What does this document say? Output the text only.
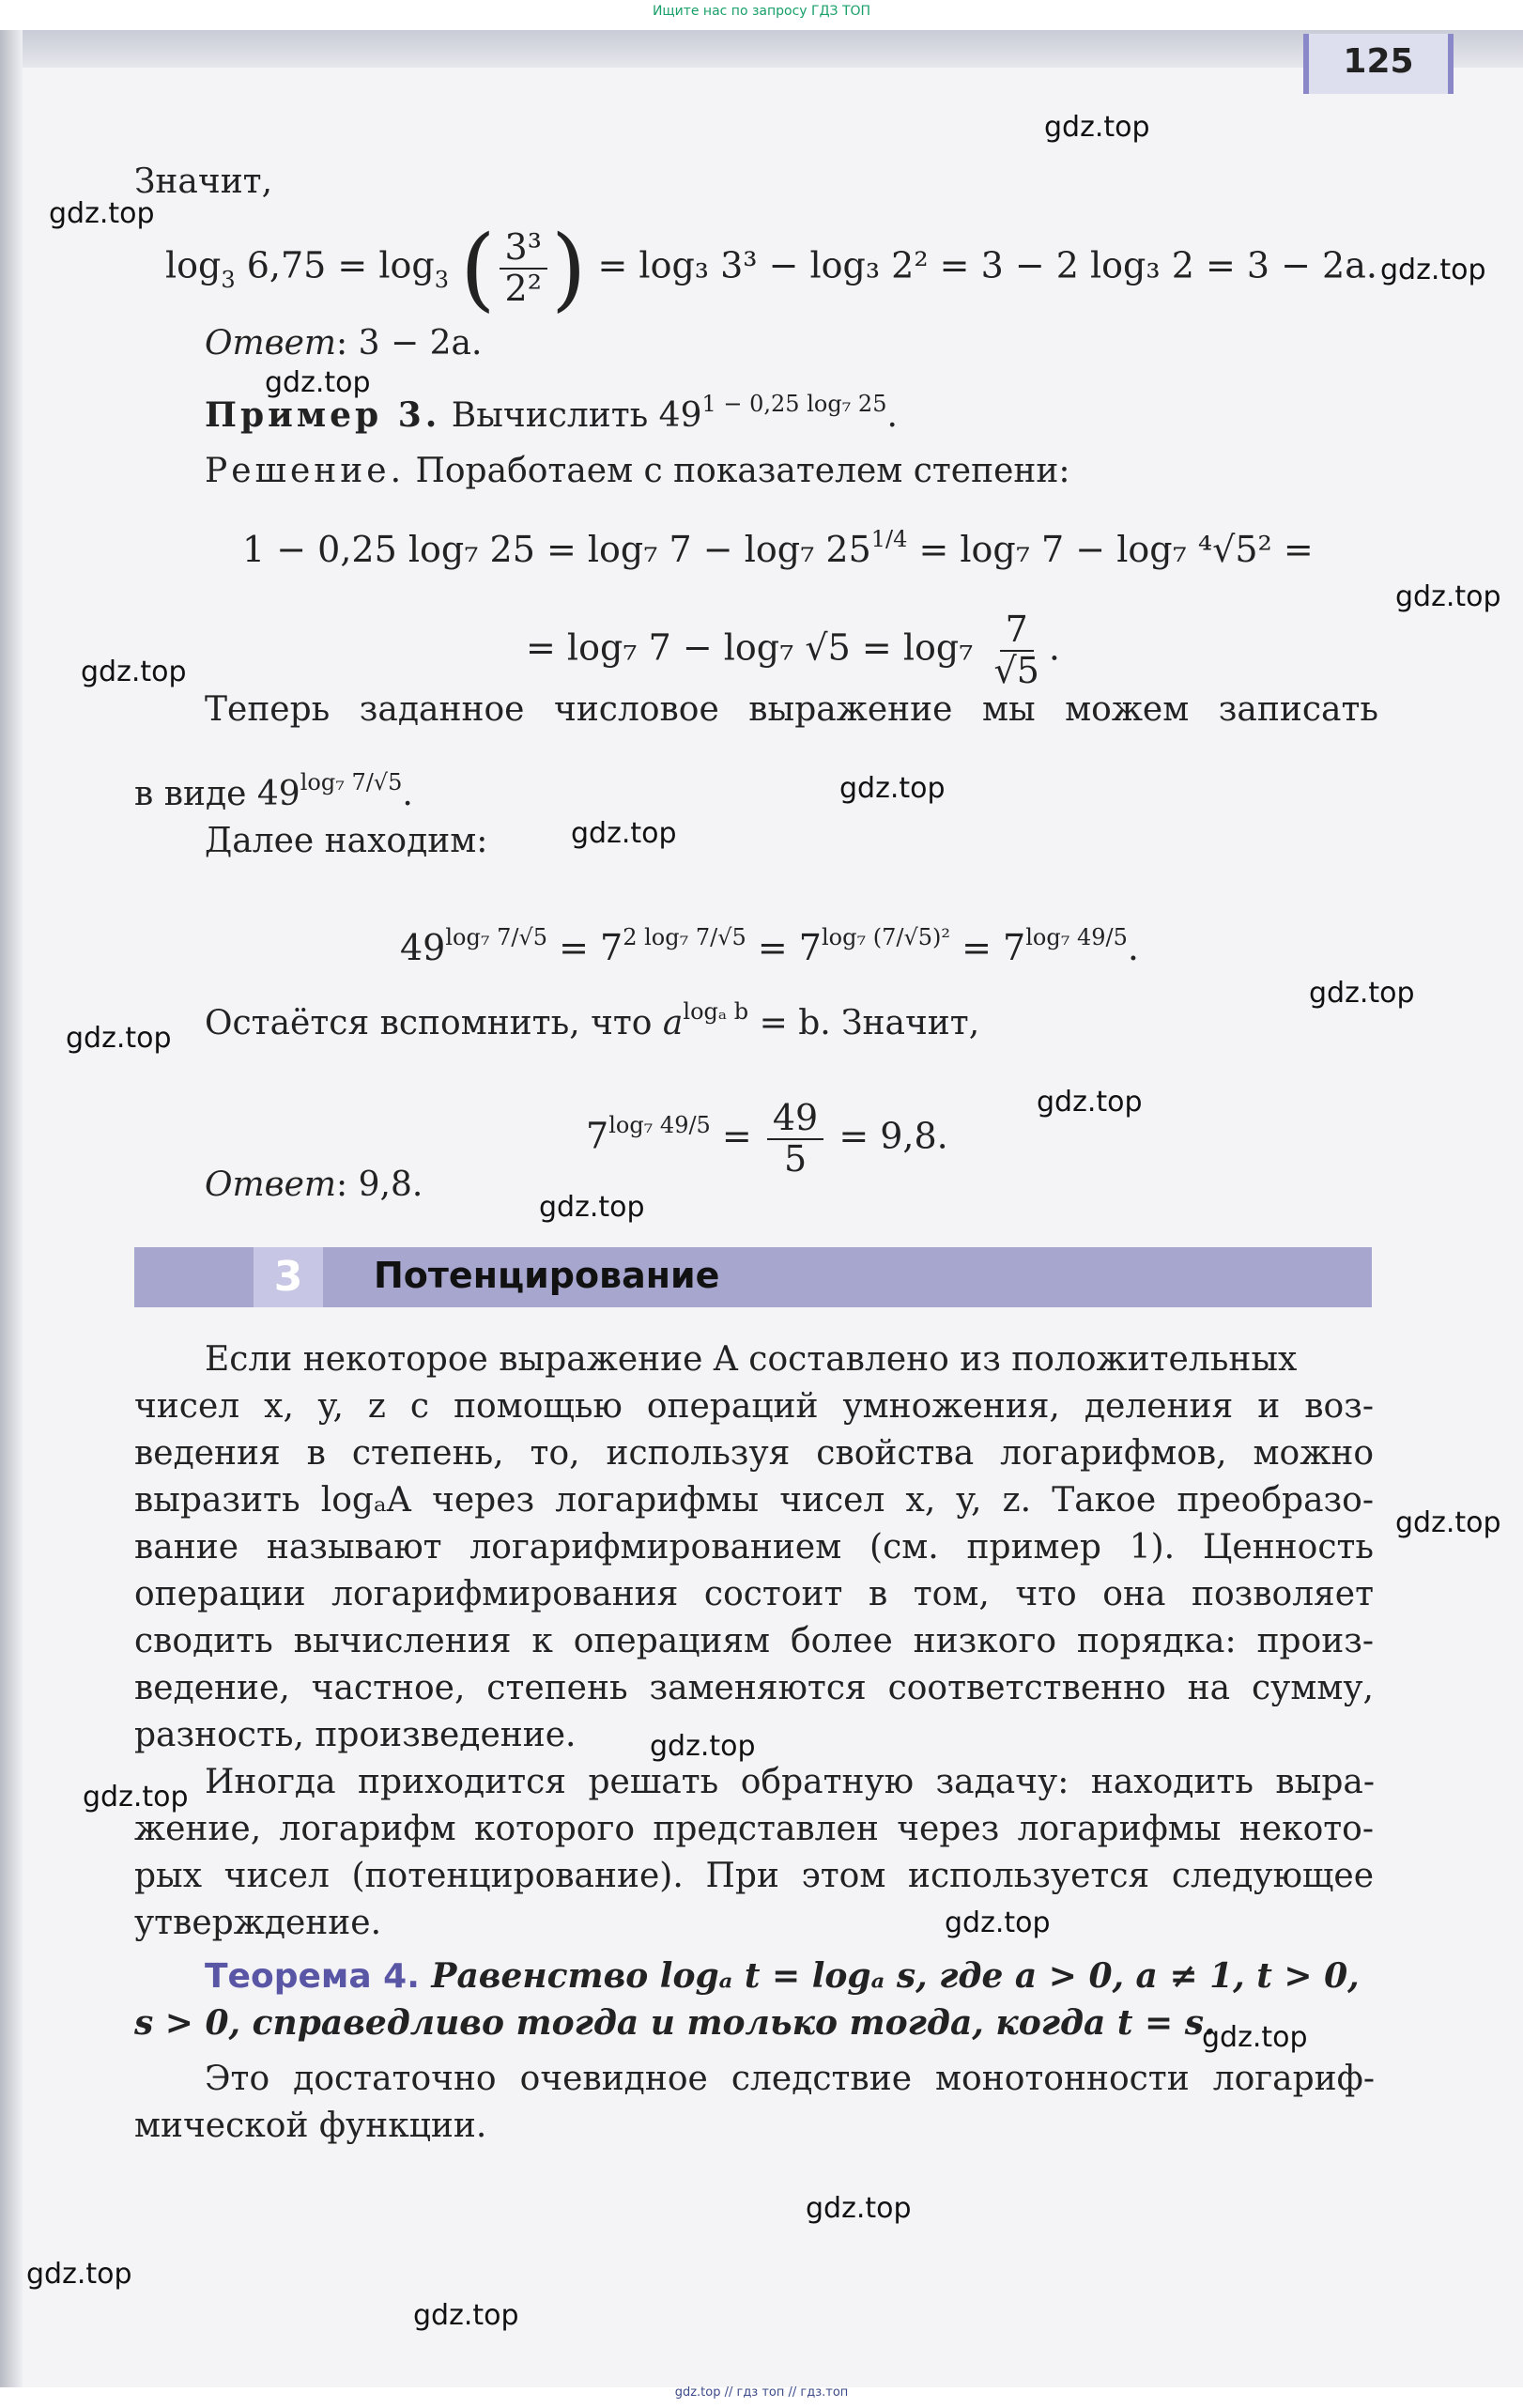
Ищите нас по запросу ГДЗ ТОП
125
Значит,
$\log_3 6,75 = \log_3$ ( $\frac{\text{3³}}{\text{2²}}$ ) = log₃ 3³ − log₃ 2² = 3 − 2 log₃ 2 = 3 − 2a.
Ответ: 3 − 2a.
Пример 3. Вычислить $49^{1 - 0,25 log_7 25}$.
Решение. Поработаем с показателем степени:
1 − 0,25 log₇ 25 = log₇ 7 − log₇ $25^{1/4} = \log_7$ 7 − log₇ ⁴√5² =
= log₇ 7 − log₇ $√5 = \log_7 \frac{7}{√5}$ .
Теперь заданное числовое выражение мы можем записать
в виде $49^{log_7 7/√5}$.
Далее находим:
$49^{log_7 7/√5} = 7^{2 log_7 7/√5} = 7^{log_7 (7/√5)^2} = 7^{log_7 49/5}$.
Остаётся вспомнить, что $a^{log_a b} = b$. Значит,
$7^{log_7 49/5} = \frac{49}{5} = 9,8$.
Ответ: 9,8.
3	Потенцирование
Если некоторое выражение A составлено из положительных
чисел x, y, z с помощью операций умножения, деления и воз-
ведения в степень, то, используя свойства логарифмов, можно
выразить logₐA через логарифмы чисел x, y, z. Такое преобразо-
вание называют логарифмированием (см. пример 1). Ценность
операции логарифмирования состоит в том, что она позволяет
сводить вычисления к операциям более низкого порядка: произ-
ведение, частное, степень заменяются соответственно на сумму,
разность, произведение.
Иногда приходится решать обратную задачу: находить выра-
жение, логарифм которого представлен через логарифмы некото-
рых чисел (потенцирование). При этом используется следующее
утверждение.
Теорема 4. Равенство logₐ t = logₐ s, где a > 0, a ≠ 1, t > 0,
s > 0, справедливо тогда и только тогда, когда t = s.
Это достаточно очевидное следствие монотонности логариф-
мической функции.
gdz.top
gdz.top
gdz.top
gdz.top
gdz.top
gdz.top
gdz.top
gdz.top
gdz.top
gdz.top
gdz.top
gdz.top
gdz.top
gdz.top
gdz.top
gdz.top
gdz.top
gdz.top
gdz.top
gdz.top
gdz.top // гдз топ // гдз.топ
